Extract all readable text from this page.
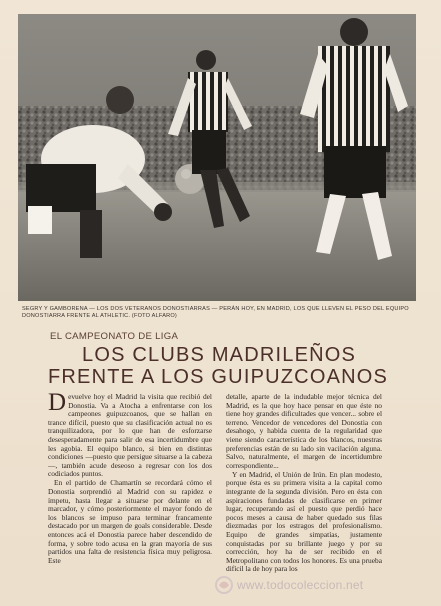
SEGRY Y GAMBORENA — LOS DOS VETERANOS DONOSTIARRAS — PERÁN HOY, EN MADRID, LOS QUE LLEVEN EL PESO DEL EQUIPO DONOSTIARRA FRENTE AL ATHLETIC. (FOTO ALFARO)
EL CAMPEONATO DE LIGA
LOS CLUBS MADRILEÑOS
FRENTE A LOS GUIPUZCOANOS

Devuelve hoy el Madrid la visita que recibió del Donostia. Va a Atocha a enfrentarse con los campeones guipuzcoanos, que se hallan en trance difícil, puesto que su clasificación actual no es tranquilizadora, por lo que han de esforzarse desesperadamente para salir de esa incertidumbre que les agobia. El equipo blanco, si bien en distintas condiciones —puesto que persigue situarse a la cabeza—, también acude deseoso a regresar con los dos codiciados puntos.

En el partido de Chamartín se recordará cómo el Donostia sorprendió al Madrid con su rapidez e ímpetu, hasta llegar a situarse por delante en el marcador, y cómo posteriormente el mayor fondo de los blancos se impuso para terminar francamente destacado por un margen de goals considerable. Desde entonces acá el Donostia parece haber descendido de forma, y sobre todo acusa en la gran mayoría de sus partidos una falta de resistencia física muy peligrosa. Este

detalle, aparte de la indudable mejor técnica del Madrid, es la que hoy hace pensar en que éste no tiene hoy grandes dificultades que vencer... sobre el terreno. Vencedor de vencedores del Donostia con desahogo, y habida cuenta de la regularidad que viene siendo característica de los blancos, nuestras preferencias están de su lado sin vacilación alguna. Salvo, naturalmente, el margen de incertidumbre correspondiente...

Y en Madrid, el Unión de Irún. En plan modesto, porque ésta es su primera visita a la capital como integrante de la segunda división. Pero en ésta con aspiraciones fundadas de clasificarse en primer lugar, recuperando así el puesto que perdió hace pocos meses a causa de haber quedado sus filas diezmadas por los estragos del profesionalismo. Equipo de grandes simpatías, justamente conquistadas por su brillante juego y por su corrección, hoy ha de ser recibido en el Metropolitano con todos los honores. Es una prueba difícil la de hoy para los

www.todocoleccion.net
